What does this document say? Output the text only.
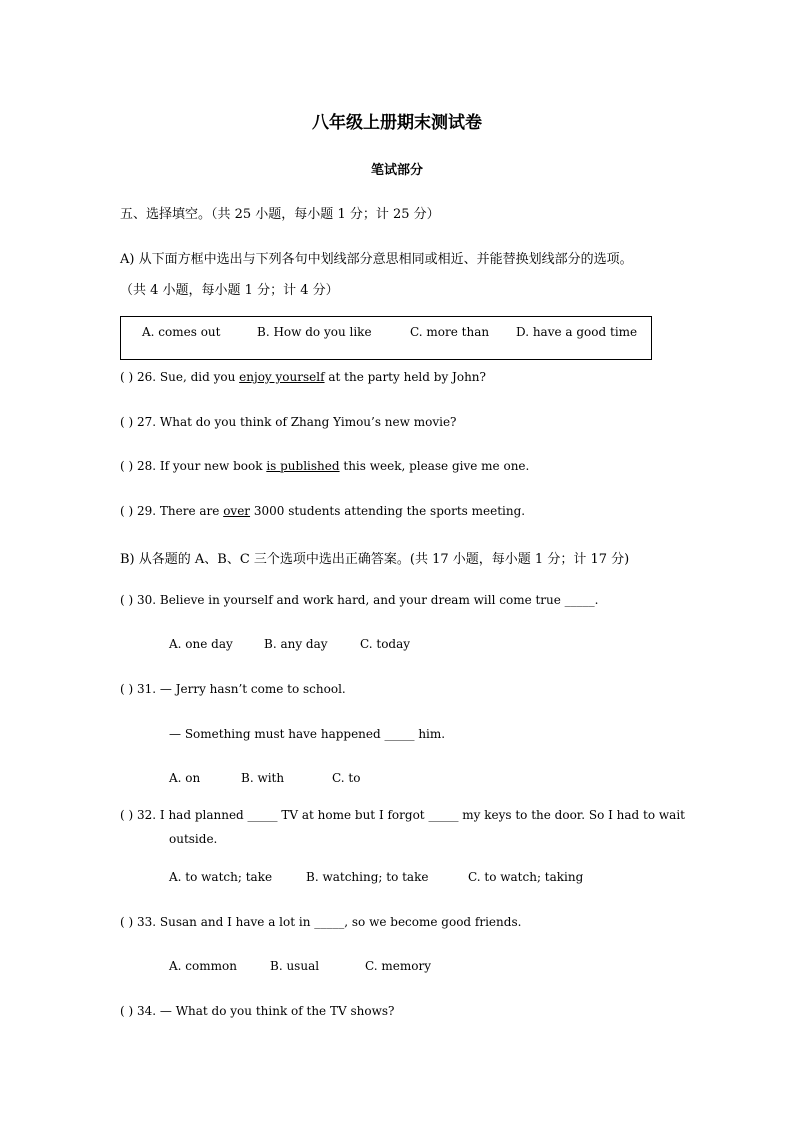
八年级上册期末测试卷
笔试部分
五、选择填空。（共 25 小题，每小题 1 分；计 25 分）
A) 从下面方框中选出与下列各句中划线部分意思相同或相近、并能替换划线部分的选项。
（共 4 小题，每小题 1 分；计 4 分）
A. comes out	B. How do you like	C. more than D. have a good time
( ) 26. Sue, did you enjoy yourself at the party held by John?
( ) 27. What do you think of Zhang Yimou’s new movie?
( ) 28. If your new book is published this week, please give me one.
( ) 29. There are over 3000 students attending the sports meeting.
B) 从各题的 A、B、C 三个选项中选出正确答案。(共 17 小题，每小题 1 分；计 17 分)
( ) 30. Believe in yourself and work hard, and your dream will come true _____.
A. one day	B. any day	C. today
( ) 31. — Jerry hasn’t come to school.
— Something must have happened _____ him.
A. on	B. with	C. to
( ) 32. I had planned _____ TV at home but I forgot _____ my keys to the door. So I had to wait
outside.
A. to watch; take	B. watching; to take	C. to watch; taking
( ) 33. Susan and I have a lot in _____, so we become good friends.
A. common	B. usual	C. memory
( ) 34. — What do you think of the TV shows?
